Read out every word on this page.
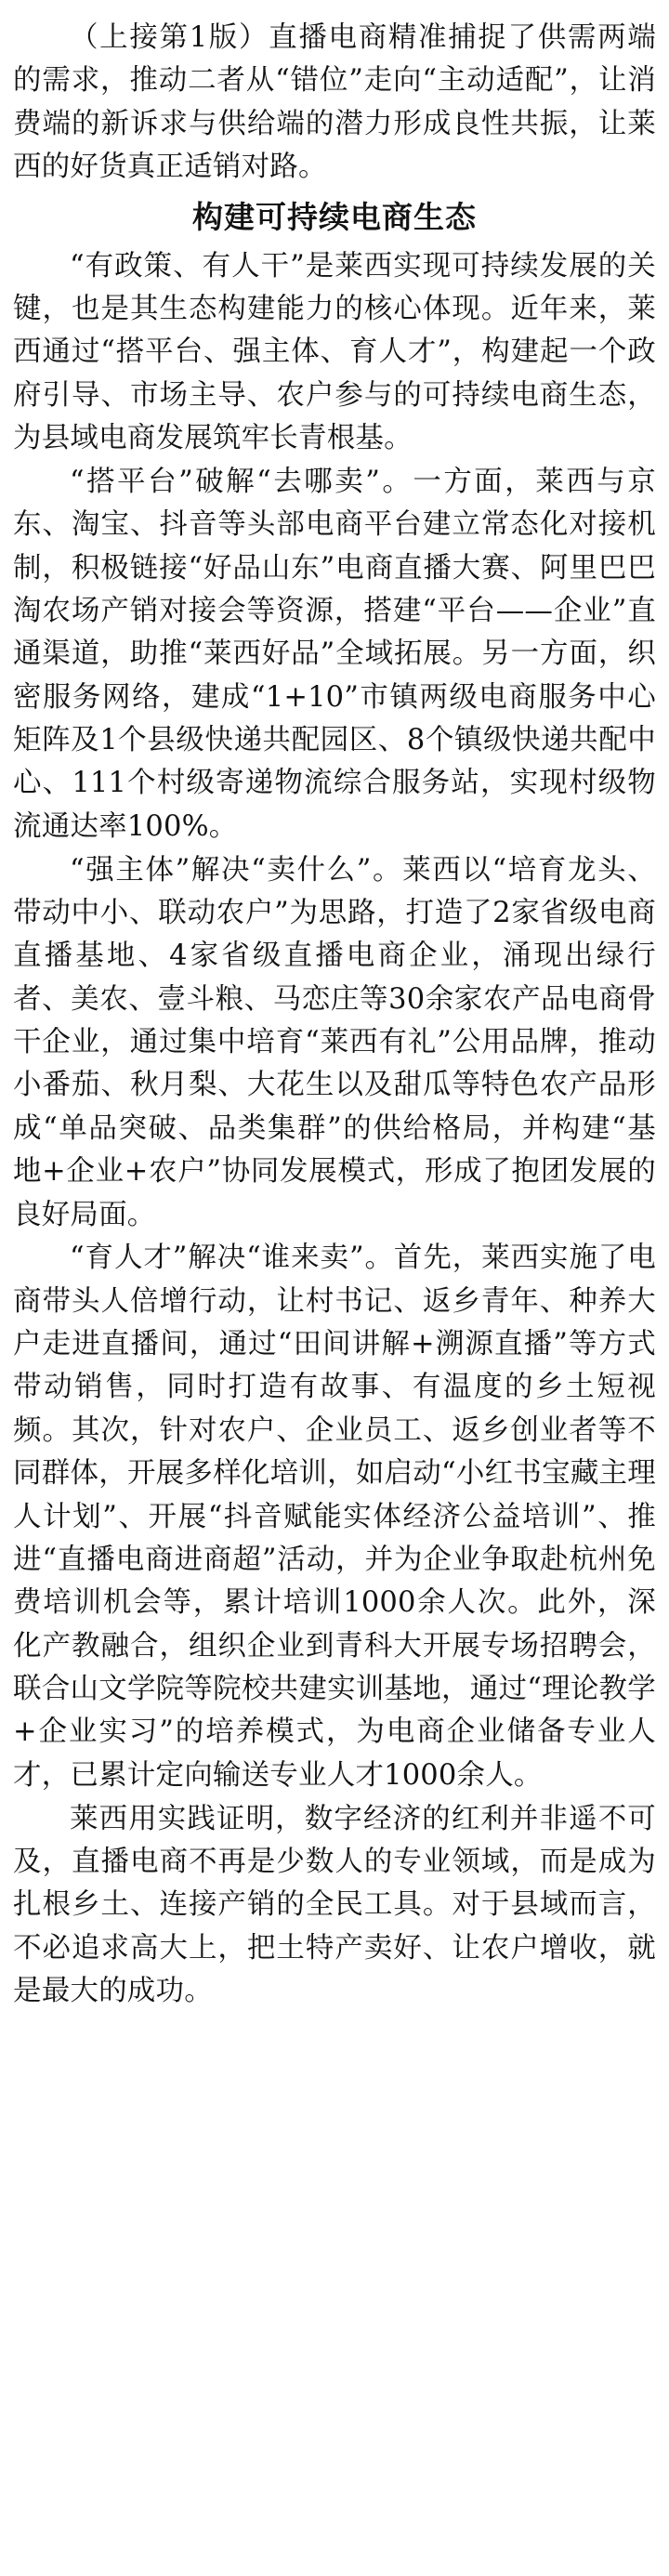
（上接第1版）直播电商精准捕捉了供需两端的需求，推动二者从“错位”走向“主动适配”，让消费端的新诉求与供给端的潜力形成良性共振，让莱西的好货真正适销对路。

构建可持续电商生态

“有政策、有人干”是莱西实现可持续发展的关键，也是其生态构建能力的核心体现。近年来，莱西通过“搭平台、强主体、育人才”，构建起一个政府引导、市场主导、农户参与的可持续电商生态，为县域电商发展筑牢长青根基。

“搭平台”破解“去哪卖”。一方面，莱西与京东、淘宝、抖音等头部电商平台建立常态化对接机制，积极链接“好品山东”电商直播大赛、阿里巴巴淘农场产销对接会等资源，搭建“平台——企业”直通渠道，助推“莱西好品”全域拓展。另一方面，织密服务网络，建成“1+10”市镇两级电商服务中心矩阵及1个县级快递共配园区、8个镇级快递共配中心、111个村级寄递物流综合服务站，实现村级物流通达率100%。

“强主体”解决“卖什么”。莱西以“培育龙头、带动中小、联动农户”为思路，打造了2家省级电商直播基地、4家省级直播电商企业，涌现出绿行者、美农、壹斗粮、马恋庄等30余家农产品电商骨干企业，通过集中培育“莱西有礼”公用品牌，推动小番茄、秋月梨、大花生以及甜瓜等特色农产品形成“单品突破、品类集群”的供给格局，并构建“基地+企业+农户”协同发展模式，形成了抱团发展的良好局面。

“育人才”解决“谁来卖”。首先，莱西实施了电商带头人倍增行动，让村书记、返乡青年、种养大户走进直播间，通过“田间讲解+溯源直播”等方式带动销售，同时打造有故事、有温度的乡土短视频。其次，针对农户、企业员工、返乡创业者等不同群体，开展多样化培训，如启动“小红书宝藏主理人计划”、开展“抖音赋能实体经济公益培训”、推进“直播电商进商超”活动，并为企业争取赴杭州免费培训机会等，累计培训1000余人次。此外，深化产教融合，组织企业到青科大开展专场招聘会，联合山文学院等院校共建实训基地，通过“理论教学+企业实习”的培养模式，为电商企业储备专业人才，已累计定向输送专业人才1000余人。

莱西用实践证明，数字经济的红利并非遥不可及，直播电商不再是少数人的专业领域，而是成为扎根乡土、连接产销的全民工具。对于县域而言，不必追求高大上，把土特产卖好、让农户增收，就是最大的成功。
